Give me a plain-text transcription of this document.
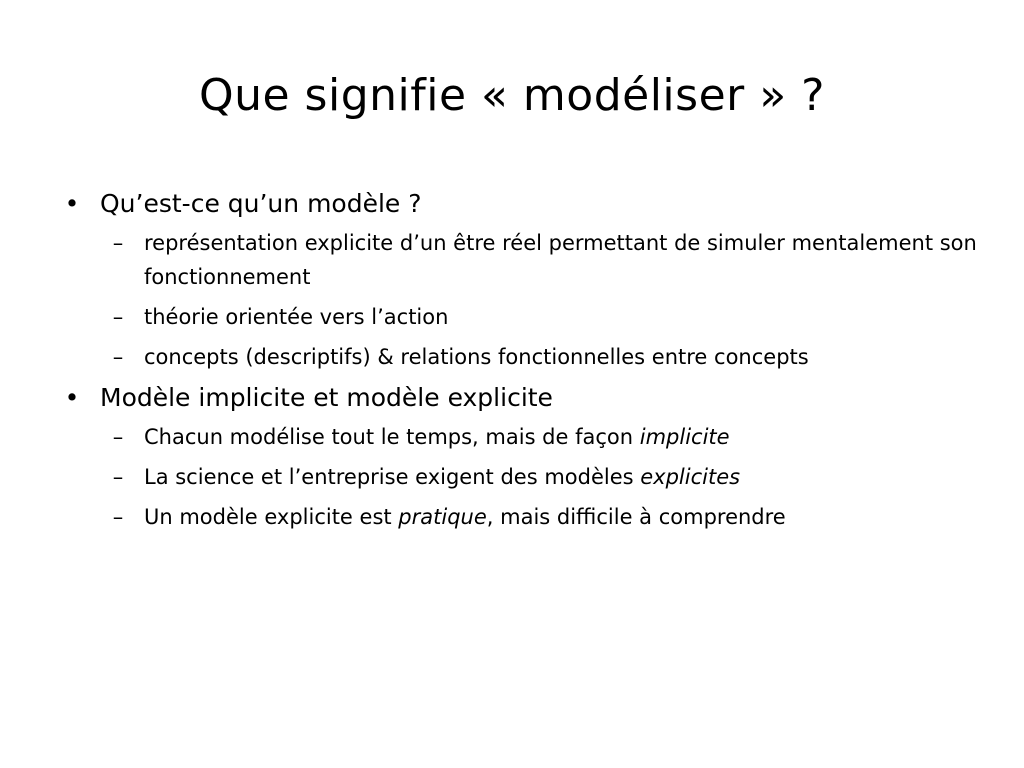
Que signifie « modéliser » ?
• Qu’est-ce qu’un modèle ?
– représentation explicite d’un être réel permettant de simuler mentalement son fonctionnement
– théorie orientée vers l’action
– concepts (descriptifs) & relations fonctionnelles entre concepts
• Modèle implicite et modèle explicite
– Chacun modélise tout le temps, mais de façon implicite
– La science et l’entreprise exigent des modèles explicites
– Un modèle explicite est pratique, mais difficile à comprendre
